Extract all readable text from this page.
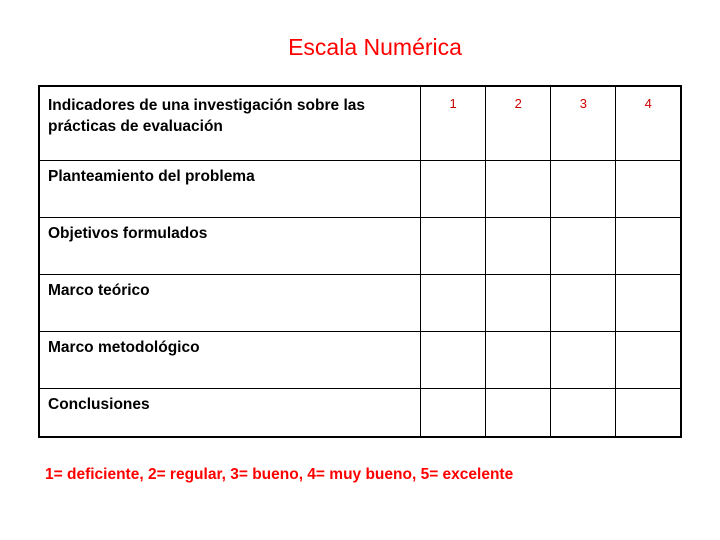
Escala Numérica
Indicadores de una investigación sobre las prácticas de evaluación	1	2	3	4
Planteamiento del problema				
Objetivos formulados				
Marco teórico				
Marco metodológico				
Conclusiones				
1= deficiente, 2= regular, 3= bueno, 4= muy bueno, 5= excelente
